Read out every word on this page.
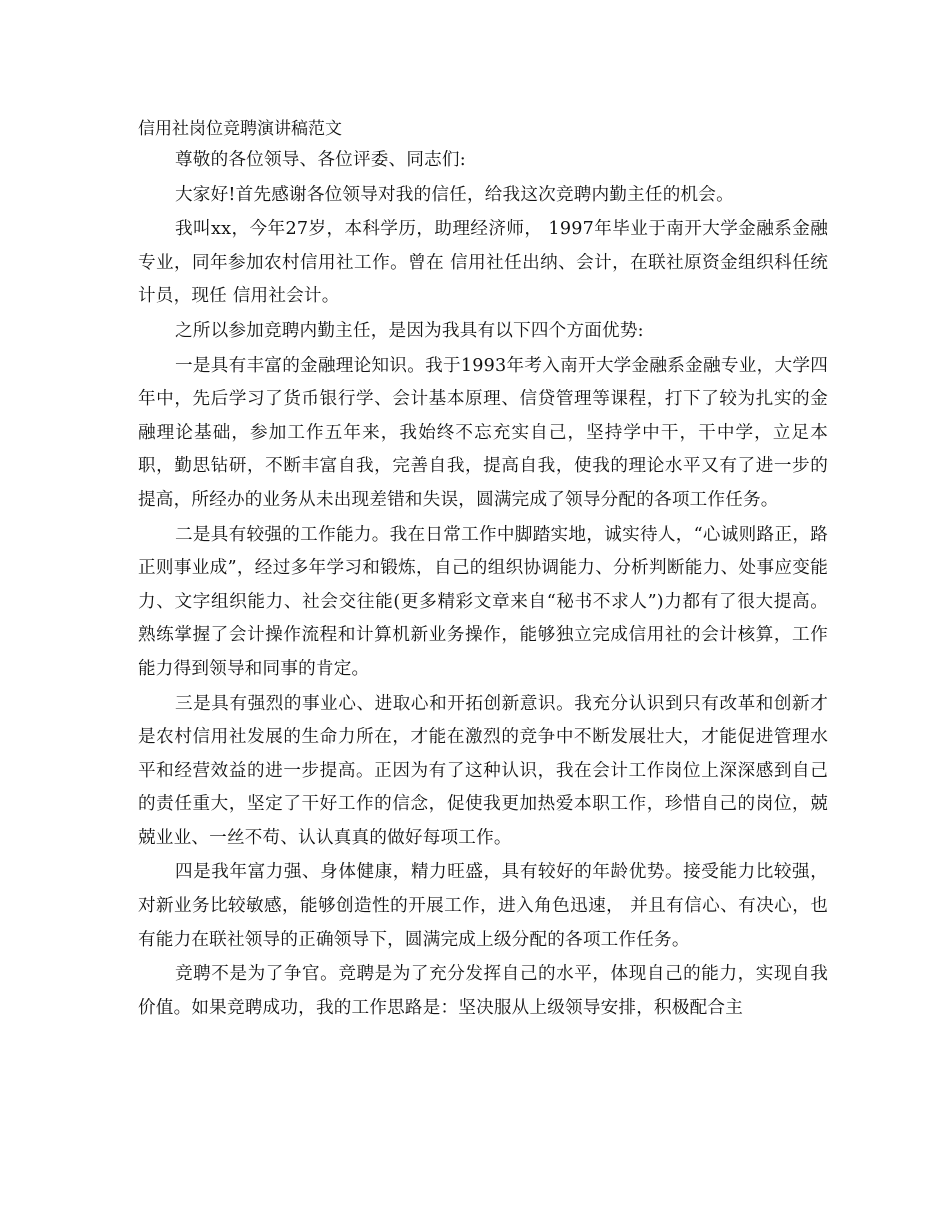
信用社岗位竞聘演讲稿范文

尊敬的各位领导、各位评委、同志们:

大家好!首先感谢各位领导对我的信任，给我这次竞聘内勤主任的机会。

我叫xx，今年27岁，本科学历，助理经济师， 1997年毕业于南开大学金融系金融专业，同年参加农村信用社工作。曾在 信用社任出纳、会计，在联社原资金组织科任统计员，现任 信用社会计。

之所以参加竞聘内勤主任，是因为我具有以下四个方面优势:

一是具有丰富的金融理论知识。我于1993年考入南开大学金融系金融专业，大学四年中，先后学习了货币银行学、会计基本原理、信贷管理等课程，打下了较为扎实的金融理论基础，参加工作五年来，我始终不忘充实自己，坚持学中干，干中学，立足本职，勤思钻研，不断丰富自我，完善自我，提高自我，使我的理论水平又有了进一步的提高，所经办的业务从未出现差错和失误，圆满完成了领导分配的各项工作任务。

二是具有较强的工作能力。我在日常工作中脚踏实地，诚实待人，“心诚则路正，路正则事业成”，经过多年学习和锻炼，自己的组织协调能力、分析判断能力、处事应变能力、文字组织能力、社会交往能(更多精彩文章来自“秘书不求人”)力都有了很大提高。熟练掌握了会计操作流程和计算机新业务操作，能够独立完成信用社的会计核算，工作能力得到领导和同事的肯定。

三是具有强烈的事业心、进取心和开拓创新意识。我充分认识到只有改革和创新才是农村信用社发展的生命力所在，才能在激烈的竞争中不断发展壮大，才能促进管理水平和经营效益的进一步提高。正因为有了这种认识，我在会计工作岗位上深深感到自己的责任重大，坚定了干好工作的信念，促使我更加热爱本职工作，珍惜自己的岗位，兢兢业业、一丝不苟、认认真真的做好每项工作。

四是我年富力强、身体健康，精力旺盛，具有较好的年龄优势。接受能力比较强，对新业务比较敏感，能够创造性的开展工作，进入角色迅速， 并且有信心、有决心，也有能力在联社领导的正确领导下，圆满完成上级分配的各项工作任务。

竞聘不是为了争官。竞聘是为了充分发挥自己的水平，体现自己的能力，实现自我价值。如果竞聘成功，我的工作思路是：坚决服从上级领导安排，积极配合主
